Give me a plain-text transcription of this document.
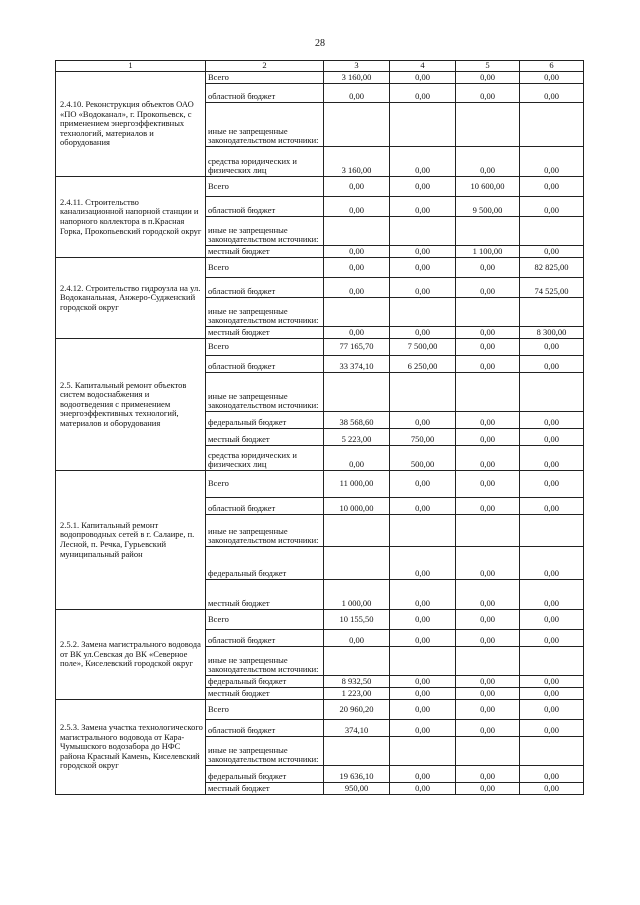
28
1	2	3	4	5	6
2.4.10. Реконструкция объектов ОАО «ПО «Водоканал», г. Прокопьевск, с применением энергоэффективных технологий, материалов и оборудования	Всего	3 160,00	0,00	0,00	0,00
	областной бюджет	0,00	0,00	0,00	0,00
	иные не запрещенные законодательством источники:				
	средства юридических и физических лиц	3 160,00	0,00	0,00	0,00
2.4.11. Строительство канализационной напорной станции и напорного коллектора в п.Красная Горка, Прокопьевский городской округ	Всего	0,00	0,00	10 600,00	0,00
	областной бюджет	0,00	0,00	9 500,00	0,00
	иные не запрещенные законодательством источники:				
	местный бюджет	0,00	0,00	1 100,00	0,00
2.4.12. Строительство гидроузла на ул. Водоканальная, Анжеро-Судженский городской округ	Всего	0,00	0,00	0,00	82 825,00
	областной бюджет	0,00	0,00	0,00	74 525,00
	иные не запрещенные законодательством источники:				
	местный бюджет	0,00	0,00	0,00	8 300,00
2.5. Капитальный ремонт объектов систем водоснабжения и водоотведения с применением энергоэффективных технологий, материалов и оборудования	Всего	77 165,70	7 500,00	0,00	0,00
	областной бюджет	33 374,10	6 250,00	0,00	0,00
	иные не запрещенные законодательством источники:				
	федеральный бюджет	38 568,60	0,00	0,00	0,00
	местный бюджет	5 223,00	750,00	0,00	0,00
	средства юридических и физических лиц	0,00	500,00	0,00	0,00
2.5.1. Капитальный ремонт водопроводных сетей в г. Салаире, п. Лесной, п. Речка, Гурьевский муниципальный район	Всего	11 000,00	0,00	0,00	0,00
	областной бюджет	10 000,00	0,00	0,00	0,00
	иные не запрещенные законодательством источники:				
	федеральный бюджет		0,00	0,00	0,00
	местный бюджет	1 000,00	0,00	0,00	0,00
2.5.2. Замена магистрального водовода от ВК ул.Севская до ВК «Северное поле», Киселевский городской округ	Всего	10 155,50	0,00	0,00	0,00
	областной бюджет	0,00	0,00	0,00	0,00
	иные не запрещенные законодательством источники:				
	федеральный бюджет	8 932,50	0,00	0,00	0,00
	местный бюджет	1 223,00	0,00	0,00	0,00
2.5.3. Замена участка технологического магистрального водовода от Кара-Чумышского водозабора до НФС района Красный Камень, Киселевский городской округ	Всего	20 960,20	0,00	0,00	0,00
	областной бюджет	374,10	0,00	0,00	0,00
	иные не запрещенные законодательством источники:				
	федеральный бюджет	19 636,10	0,00	0,00	0,00
	местный бюджет	950,00	0,00	0,00	0,00
